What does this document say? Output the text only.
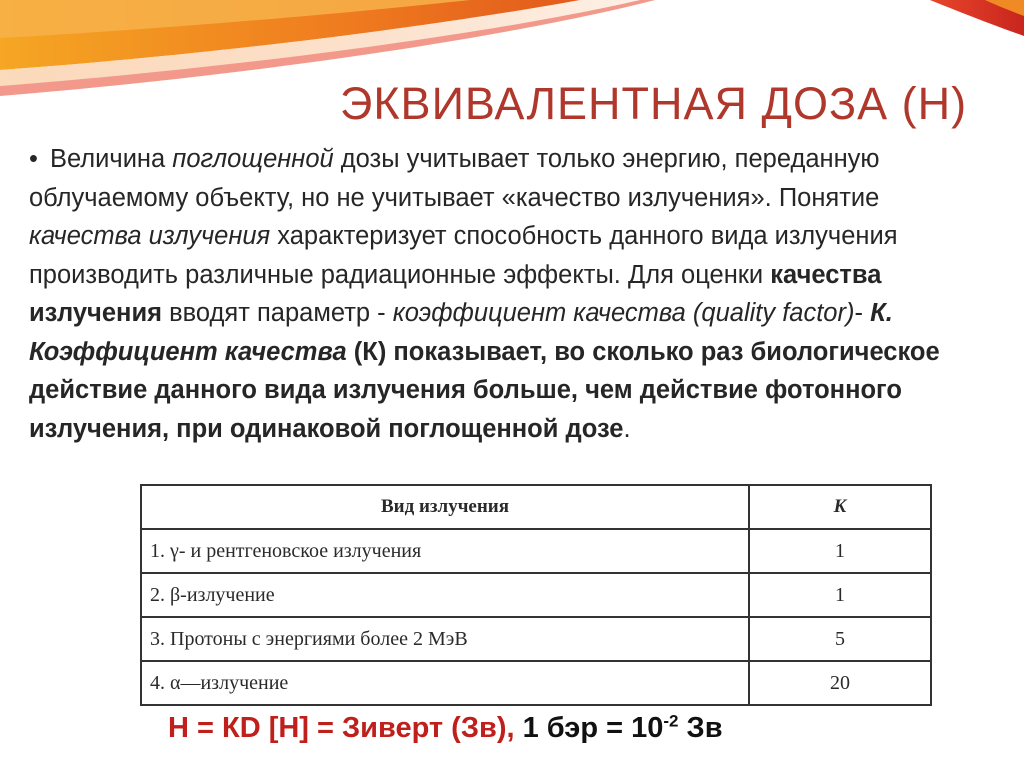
ЭКВИВАЛЕНТНАЯ ДОЗА (Н)

• Величина поглощенной дозы учитывает только энергию, переданную облучаемому объекту, но не учитывает «качество излучения». Понятие качества излучения характеризует способность данного вида излучения производить различные радиационные эффекты. Для оценки качества излучения вводят параметр - коэффициент качества (quality factor)- К.
Коэффициент качества (К) показывает, во сколько раз биологическое действие данного вида излучения больше, чем действие фотонного излучения, при одинаковой поглощенной дозе.

Вид излучения	K
1. γ- и рентгеновское излучения	1
2. β-излучение	1
3. Протоны с энергиями более 2 МэВ	5
4. α—излучение	20
Н = КD [Н] = Зиверт (Зв), 1 бэр = $10^{-2}$ Зв
